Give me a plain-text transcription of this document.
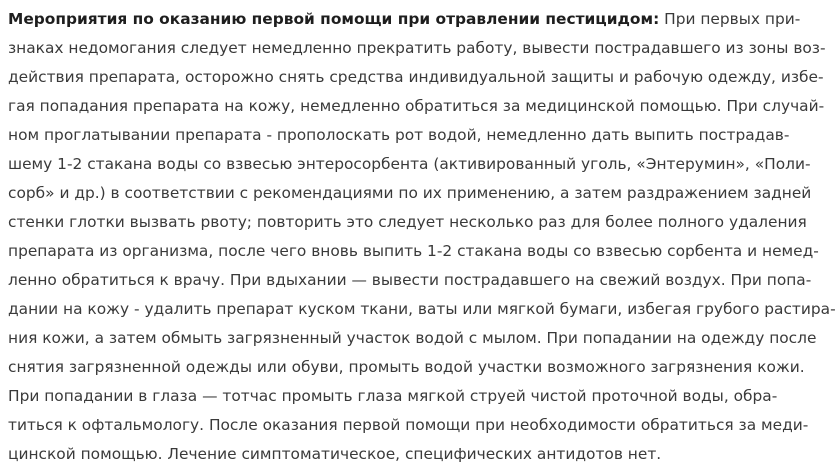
Мероприятия по оказанию первой помощи при отравлении пестицидом: При первых при-
знаках недомогания следует немедленно прекратить работу, вывести пострадавшего из зоны воз-
действия препарата, осторожно снять средства индивидуальной защиты и рабочую одежду, избе-
гая попадания препарата на кожу, немедленно обратиться за медицинской помощью. При случай-
ном проглатывании препарата - прополоскать рот водой, немедленно дать выпить пострадав-
шему 1-2 стакана воды со взвесью энтеросорбента (активированный уголь, «Энтерумин», «Поли-
сорб» и др.) в соответствии с рекомендациями по их применению, а затем раздражением задней
стенки глотки вызвать рвоту; повторить это следует несколько раз для более полного удаления
препарата из организма, после чего вновь выпить 1-2 стакана воды со взвесью сорбента и немед-
ленно обратиться к врачу. При вдыхании — вывести пострадавшего на свежий воздух. При попа-
дании на кожу - удалить препарат куском ткани, ваты или мягкой бумаги, избегая грубого растира-
ния кожи, а затем обмыть загрязненный участок водой с мылом. При попадании на одежду после
снятия загрязненной одежды или обуви, промыть водой участки возможного загрязнения кожи.
При попадании в глаза — тотчас промыть глаза мягкой струей чистой проточной воды, обра-
титься к офтальмологу. После оказания первой помощи при необходимости обратиться за меди-
цинской помощью. Лечение симптоматическое, специфических антидотов нет.
